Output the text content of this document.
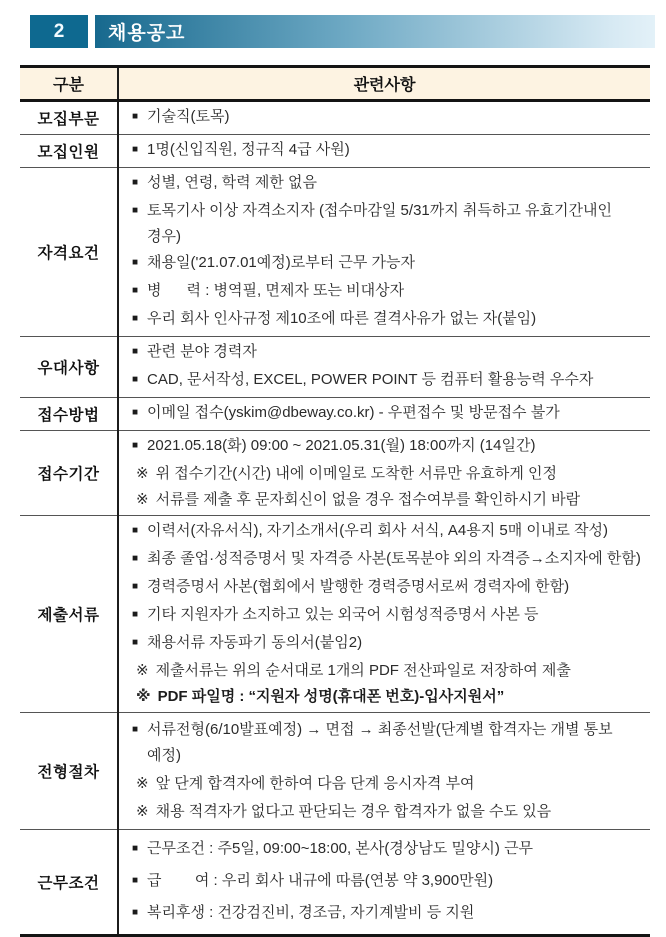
2	채용공고
구분	관련사항
모집부문	■ 기술직(토목)

모집인원	■ 1명(신입직원, 정규직 4급 사원)

자격요건	
■ 성별, 연령, 학력 제한 없음
■ 토목기사 이상 자격소지자 (접수마감일 5/31까지 취득하고 유효기간내인 경우)
■ 채용일('21.07.01예정)로부터 근무 가능자
■ 병      력 : 병역필, 면제자 또는 비대상자
■ 우리 회사 인사규정 제10조에 따른 결격사유가 없는 자(붙임)

우대사항	
■ 관련 분야 경력자
■ CAD, 문서작성, EXCEL, POWER POINT 등 컴퓨터 활용능력 우수자

접수방법	■ 이메일 접수(yskim@dbeway.co.kr) - 우편접수 및 방문접수 불가

접수기간	
■ 2021.05.18(화) 09:00 ~ 2021.05.31(월) 18:00까지 (14일간)
※ 위 접수기간(시간) 내에 이메일로 도착한 서류만 유효하게 인정
※ 서류를 제출 후 문자회신이 없을 경우 접수여부를 확인하시기 바람

제출서류	
■ 이력서(자유서식), 자기소개서(우리 회사 서식, A4용지 5매 이내로 작성)
■ 최종 졸업·성적증명서 및 자격증 사본(토목분야 외의 자격증→소지자에 한함)
■ 경력증명서 사본(협회에서 발행한 경력증명서로써 경력자에 한함)
■ 기타 지원자가 소지하고 있는 외국어 시험성적증명서 사본 등
■ 채용서류 자동파기 동의서(붙임2)
※ 제출서류는 위의 순서대로 1개의 PDF 전산파일로 저장하여 제출
※ PDF 파일명 : “지원자 성명(휴대폰 번호)-입사지원서”

전형절차	
■ 서류전형(6/10발표예정) → 면접 → 최종선발(단계별 합격자는 개별 통보 예정)
※ 앞 단계 합격자에 한하여 다음 단계 응시자격 부여
※ 채용 적격자가 없다고 판단되는 경우 합격자가 없을 수도 있음

근무조건	
■ 근무조건 : 주5일, 09:00~18:00, 본사(경상남도 밀양시) 근무
■ 급        여 : 우리 회사 내규에 따름(연봉 약 3,900만원)
■ 복리후생 : 건강검진비, 경조금, 자기계발비 등 지원
